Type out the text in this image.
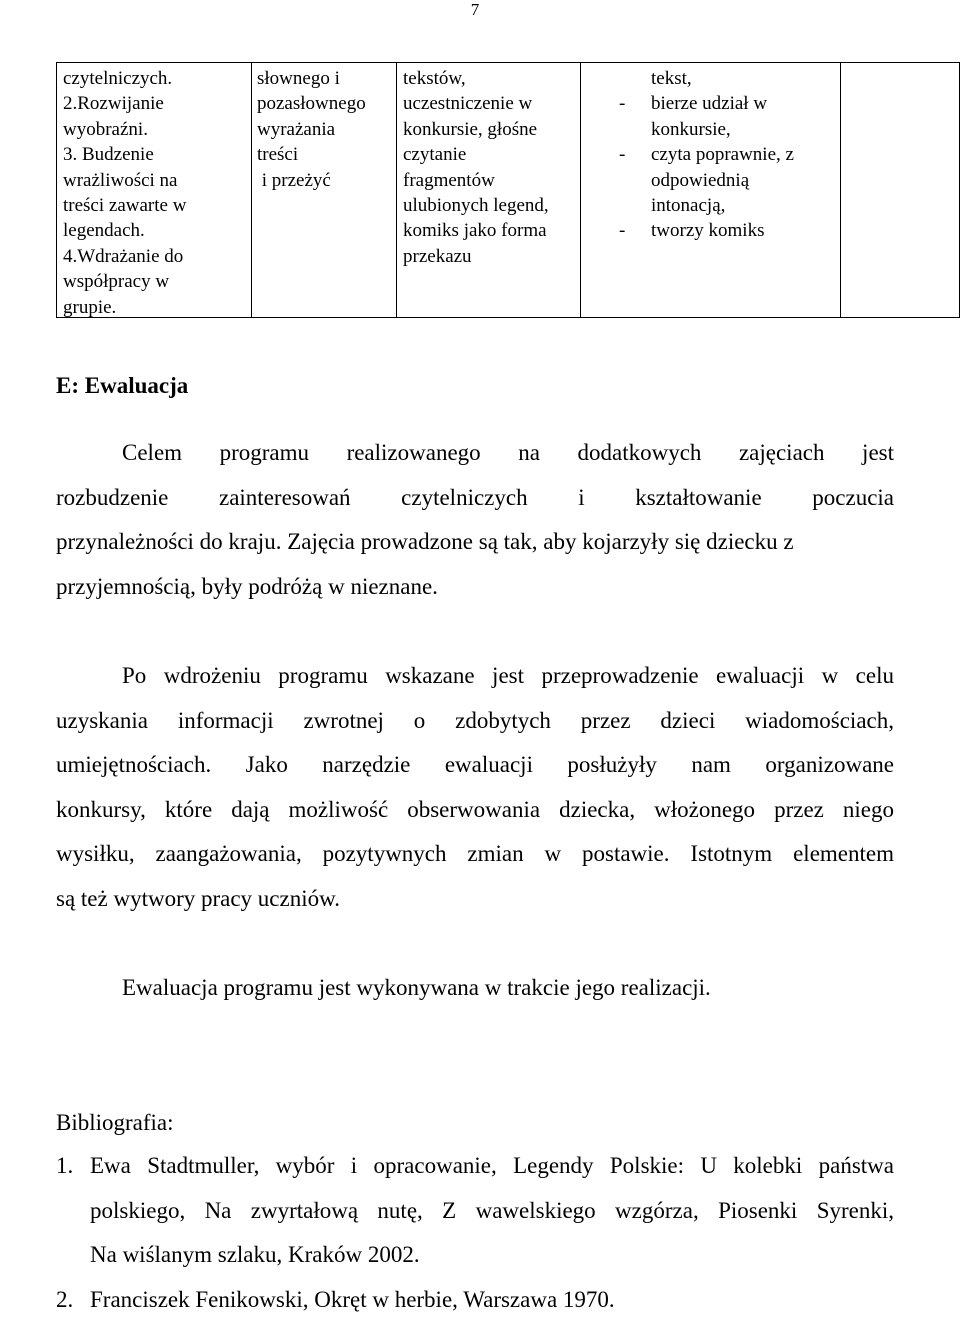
7
czytelniczych.
2.Rozwijanie
wyobraźni.
3. Budzenie
wrażliwości na
treści zawarte w
legendach.
4.Wdrażanie do
współpracy w
grupie.
słownego i
pozasłownego
wyrażania
treści
i przeżyć
tekstów,
uczestniczenie w
konkursie, głośne
czytanie
fragmentów
ulubionych legend,
komiks jako forma
przekazu
tekst,
- bierze udział w
konkursie,
- czyta poprawnie, z
odpowiednią
intonacją,
- tworzy komiks
E: Ewaluacja
Celem programu realizowanego na dodatkowych zajęciach jest
rozbudzenie zainteresowań czytelniczych i kształtowanie poczucia
przynależności do kraju. Zajęcia prowadzone są tak, aby kojarzyły się dziecku z
przyjemnością, były podróżą w nieznane.
Po wdrożeniu programu wskazane jest przeprowadzenie ewaluacji w celu
uzyskania informacji zwrotnej o zdobytych przez dzieci wiadomościach,
umiejętnościach. Jako narzędzie ewaluacji posłużyły nam organizowane
konkursy, które dają możliwość obserwowania dziecka, włożonego przez niego
wysiłku, zaangażowania, pozytywnych zmian w postawie. Istotnym elementem
są też wytwory pracy uczniów.
Ewaluacja programu jest wykonywana w trakcie jego realizacji.
Bibliografia:
1. Ewa Stadtmuller, wybór i opracowanie, Legendy Polskie: U kolebki państwa
polskiego, Na zwyrtałową nutę, Z wawelskiego wzgórza, Piosenki Syrenki,
Na wiślanym szlaku, Kraków 2002.
2. Franciszek Fenikowski, Okręt w herbie, Warszawa 1970.
